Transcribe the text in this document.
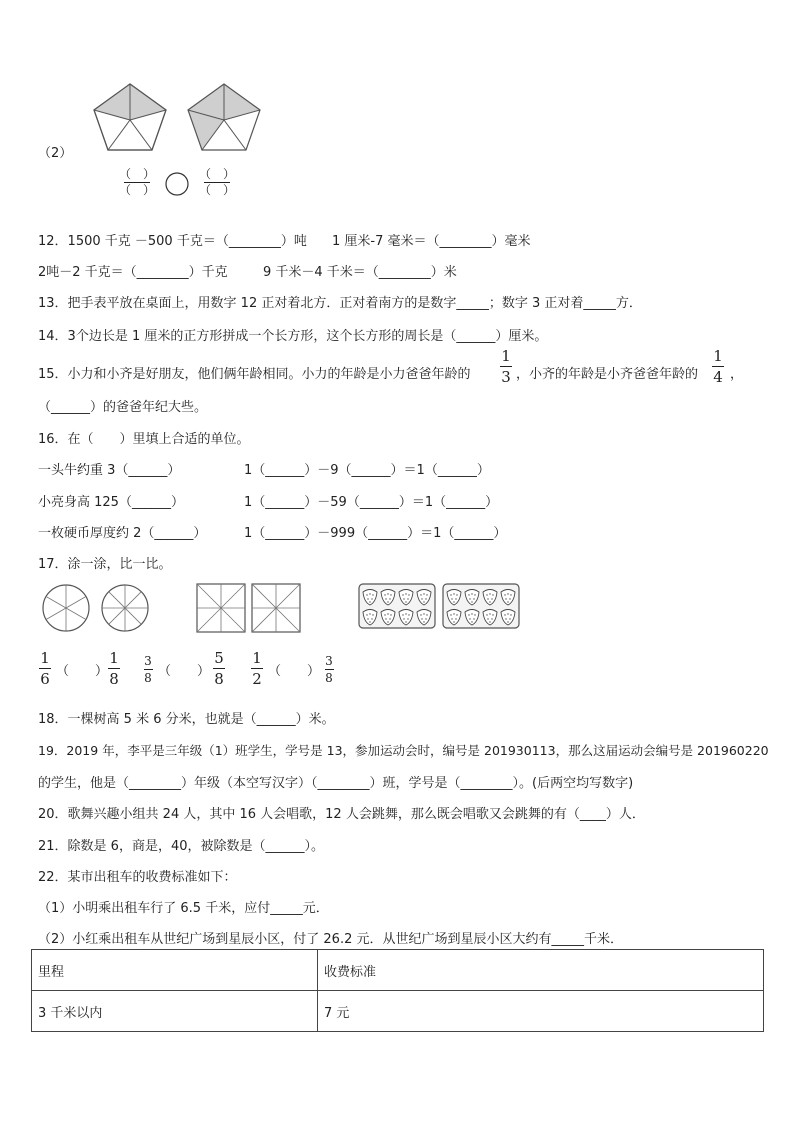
（2）
（　）
（　）
（　）
（　）
12．1500 千克 －500 千克＝（________）吨 1 厘米-7 毫米＝（________）毫米
2吨－2 千克＝（________）千克	9 千米－4 千米＝（________）米
13．把手表平放在桌面上，用数字 12 正对着北方．正对着南方的是数字_____；数字 3 正对着_____方．
14．3个边长是 1 厘米的正方形拼成一个长方形，这个长方形的周长是（______）厘米。
15．小力和小齐是好朋友，他们俩年龄相同。小力的年龄是小力爸爸年龄的
1
3 ，小齐的年龄是小齐爸爸年龄的
1
4 ，
（______）的爸爸年纪大些。
16．在（　　）里填上合适的单位。
一头牛约重 3（______）	1（______）－9（______）＝1（______）
小亮身高 125（______）	1（______）－59（______）＝1（______）
一枚硬币厚度约 2（______）	1（______）－999（______）＝1（______）
17．涂一涂，比一比。
1
6 （　　）
1
8
3
8 （　　）
5
8
1
2 （　　）
3
8
18．一棵树高 5 米 6 分米，也就是（______）米。
19．2019 年，李平是三年级（1）班学生，学号是 13，参加运动会时，编号是 201930113，那么这届运动会编号是 201960220
的学生，他是（________）年级（本空写汉字）（________）班，学号是（________）。(后两空均写数字)
20．歌舞兴趣小组共 24 人，其中 16 人会唱歌，12 人会跳舞，那么既会唱歌又会跳舞的有（____）人．
21．除数是 6，商是，40，被除数是（______）。
22．某市出租车的收费标准如下：
（1）小明乘出租车行了 6.5 千米，应付_____元．
（2）小红乘出租车从世纪广场到星辰小区，付了 26.2 元．从世纪广场到星辰小区大约有_____千米．
里程	收费标准
3 千米以内	7 元
